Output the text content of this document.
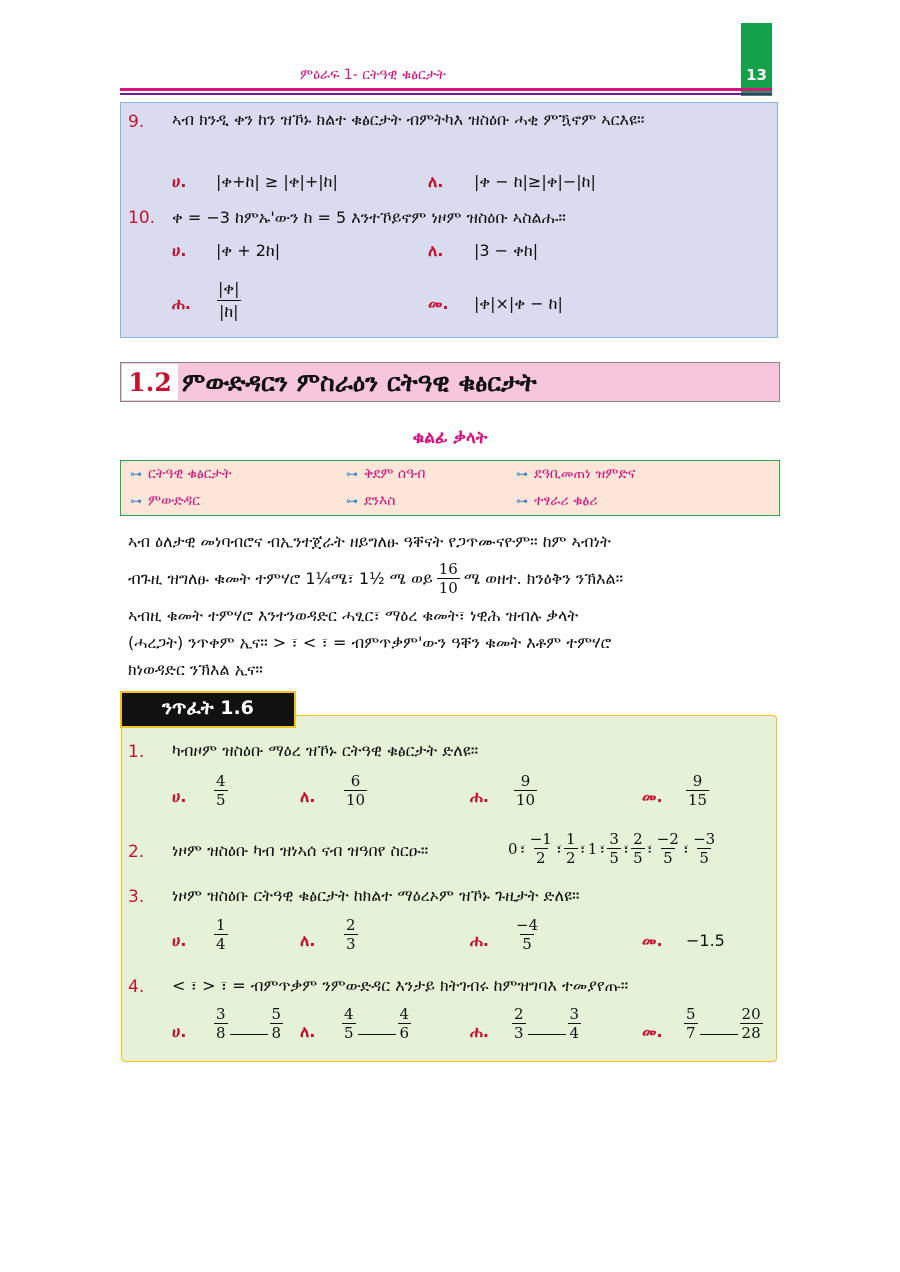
13
ምዕራፍ 1- ርትዓዊ ቁፅርታት
9. ኣብ ክንዲ ቀን ከን ዝኾኑ ክልተ ቁፅርታት ብምትካእ ዝስዕቡ ሓቂ ምዃኖም ኣርእዩ።
ሀ. |ቀ+ከ| ≥ |ቀ|+|ከ|	ለ. |ቀ − ከ|≥|ቀ|−|ከ|
10. ቀ = −3 ከምኡ'ውን ከ = 5 እንተኾይኖም ነዞም ዝስዕቡ ኣስልሑ።
ሀ. |ቀ + 2ከ|	ለ. |3 − ቀከ|
ሐ.
|ቀ|
|ከ|	መ. |ቀ|×|ቀ − ከ|
1.2 ምውድዳርን ምስራዕን ርትዓዊ ቁፅርታት
ቁልፊ ቃላት
⊶ ርትዓዊ ቁፅርታት	⊶ ቅደም ሰዓብ	⊶ ደዓቢመጠነ ዝምድና
⊶ ምውድዳር	⊶ ደንእስ	⊶ ተፃራሪ ቁፅሪ
ኣብ ዕለታዊ መነባብሮና ብኢንተጀራት ዘይግለፁ ዓቐናት የጋጥሙናዮም። ከም ኣብነት
ብጉዚ ዝግለፁ ቁመት ተምሃሮ 1¼ሜ፣ 1½ ሜ ወይ $\frac{16}{10}$ ሜ ወዘተ. ክንዕቅን ንኽእል።
ኣብዚ ቁመት ተምሃሮ እንተንወዳድር ሓፂር፣ ማዕረ ቁመት፣ ነዊሕ ዝብሉ ቃላት
(ሓረጋት) ንጥቀም ኢና። > ፣ < ፣ = ብምጥቃም'ውን ዓቐን ቁመት እቶም ተምሃሮ
ክነወዳድር ንኽእል ኢና።
ንጥፈት 1.6
1. ካብዞም ዝስዕቡ ማዕረ ዝኾኑ ርትዓዊ ቁፅርታት ድለዩ።
ሀ. $\frac{4}{5}$	ለ. $\frac{6}{10}$	ሐ. $\frac{9}{10}$	መ. $\frac{9}{15}$
2. ነዞም ዝስዕቡ ካብ ዝነኣሰ ናብ ዝዓበየ ስርዑ።	0 ፣ $\frac{-1}{2}$ ፣ $\frac{1}{2}$ ፣ 1 ፣ $\frac{3}{5}$ ፣ $\frac{2}{5}$ ፣ $\frac{-2}{5}$ ፣ $\frac{-3}{5}$
3. ነዞም ዝስዕቡ ርትዓዊ ቁፅርታት ከክልተ ማዕረኦም ዝኾኑ ጉዚታት ድለዩ።
ሀ. $\frac{1}{4}$	ለ. $\frac{2}{3}$	ሐ. $\frac{-4}{5}$	መ. −1.5
4. < ፣ > ፣ = ብምጥቃም ንምውድዳር እንታይ ክትገብሩ ከምዝግባእ ተመያየጡ።
ሀ. $\frac{3}{8}$	$\frac{5}{8}$ ለ. $\frac{4}{5}$	$\frac{4}{6}$	ሐ. $\frac{2}{3}$	$\frac{3}{4}$	መ. $\frac{5}{7}$	$\frac{20}{28}$
